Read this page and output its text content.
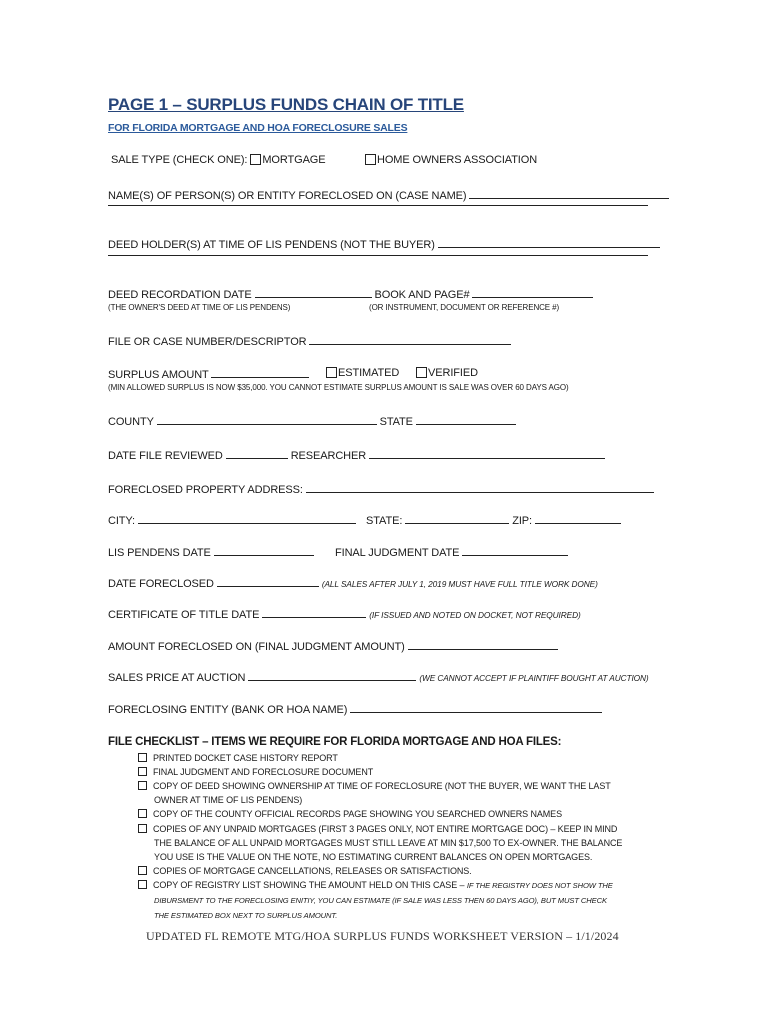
PAGE 1 – SURPLUS FUNDS CHAIN OF TITLE
FOR FLORIDA MORTGAGE AND HOA FORECLOSURE SALES
SALE TYPE (CHECK ONE): MORTGAGE	HOME OWNERS ASSOCIATION
NAME(S) OF PERSON(S) OR ENTITY FORECLOSED ON (CASE NAME)
DEED HOLDER(S) AT TIME OF LIS PENDENS (NOT THE BUYER)
DEED RECORDATION DATE	BOOK AND PAGE#
(THE OWNER'S DEED AT TIME OF LIS PENDENS)	(OR INSTRUMENT, DOCUMENT OR REFERENCE #)
FILE OR CASE NUMBER/DESCRIPTOR
SURPLUS AMOUNT	ESTIMATED	VERIFIED
(MIN ALLOWED SURPLUS IS NOW $35,000. YOU CANNOT ESTIMATE SURPLUS AMOUNT IS SALE WAS OVER 60 DAYS AGO)
COUNTY	STATE
DATE FILE REVIEWED	RESEARCHER
FORECLOSED PROPERTY ADDRESS:
CITY:	STATE:	ZIP:
LIS PENDENS DATE	FINAL JUDGMENT DATE
DATE FORECLOSED	(ALL SALES AFTER JULY 1, 2019 MUST HAVE FULL TITLE WORK DONE)
CERTIFICATE OF TITLE DATE	(IF ISSUED AND NOTED ON DOCKET, NOT REQUIRED)
AMOUNT FORECLOSED ON (FINAL JUDGMENT AMOUNT)
SALES PRICE AT AUCTION	(WE CANNOT ACCEPT IF PLAINTIFF BOUGHT AT AUCTION)
FORECLOSING ENTITY (BANK OR HOA NAME)
FILE CHECKLIST – ITEMS WE REQUIRE FOR FLORIDA MORTGAGE AND HOA FILES:
PRINTED DOCKET CASE HISTORY REPORT
FINAL JUDGMENT AND FORECLOSURE DOCUMENT
COPY OF DEED SHOWING OWNERSHIP AT TIME OF FORECLOSURE (NOT THE BUYER, WE WANT THE LAST
OWNER AT TIME OF LIS PENDENS)
COPY OF THE COUNTY OFFICIAL RECORDS PAGE SHOWING YOU SEARCHED OWNERS NAMES
COPIES OF ANY UNPAID MORTGAGES (FIRST 3 PAGES ONLY, NOT ENTIRE MORTGAGE DOC) – KEEP IN MIND
THE BALANCE OF ALL UNPAID MORTGAGES MUST STILL LEAVE AT MIN $17,500 TO EX-OWNER. THE BALANCE
YOU USE IS THE VALUE ON THE NOTE, NO ESTIMATING CURRENT BALANCES ON OPEN MORTGAGES.
COPIES OF MORTGAGE CANCELLATIONS, RELEASES OR SATISFACTIONS.
COPY OF REGISTRY LIST SHOWING THE AMOUNT HELD ON THIS CASE – IF THE REGISTRY DOES NOT SHOW THE
DIBURSMENT TO THE FORECLOSING ENITIY, YOU CAN ESTIMATE (IF SALE WAS LESS THEN 60 DAYS AGO), BUT MUST CHECK
THE ESTIMATED BOX NEXT TO SURPLUS AMOUNT.
UPDATED FL REMOTE MTG/HOA SURPLUS FUNDS WORKSHEET VERSION – 1/1/2024
